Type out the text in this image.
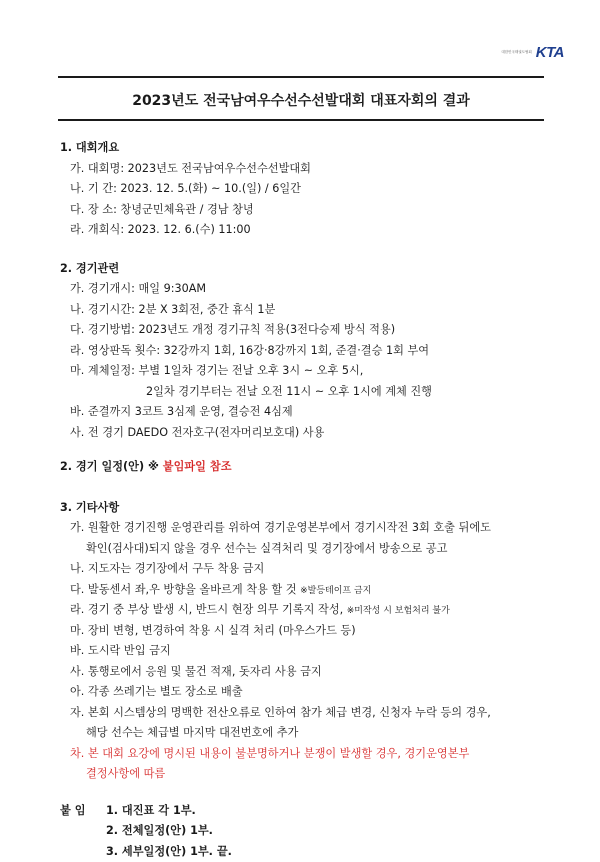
대한민국태권도협회 KTA
2023년도 전국남여우수선수선발대회 대표자회의 결과
1. 대회개요
가. 대회명: 2023년도 전국남여우수선수선발대회
나. 기 간: 2023. 12. 5.(화) ~ 10.(일) / 6일간
다. 장 소: 창녕군민체육관 / 경남 창녕
라. 개회식: 2023. 12. 6.(수) 11:00
2. 경기관련
가. 경기개시: 매일 9:30AM
나. 경기시간: 2분 X 3회전, 중간 휴식 1분
다. 경기방법: 2023년도 개정 경기규칙 적용(3전다승제 방식 적용)
라. 영상판독 횟수: 32강까지 1회, 16강·8강까지 1회, 준결·결승 1회 부여
마. 계체일정: 부별 1일차 경기는 전날 오후 3시 ~ 오후 5시,
2일차 경기부터는 전날 오전 11시 ~ 오후 1시에 계체 진행
바. 준결까지 3코트 3심제 운영, 결승전 4심제
사. 전 경기 DAEDO 전자호구(전자머리보호대) 사용
2. 경기 일정(안) ※ 붙임파일 참조
3. 기타사항
가. 원활한 경기진행 운영관리를 위하여 경기운영본부에서 경기시작전 3회 호출 뒤에도
확인(검사대)되지 않을 경우 선수는 실격처리 및 경기장에서 방송으로 공고
나. 지도자는 경기장에서 구두 착용 금지
다. 발동센서 좌,우 방향을 올바르게 착용 할 것 ※발등테이프 금지
라. 경기 중 부상 발생 시, 반드시 현장 의무 기록지 작성, ※미작성 시 보험처리 불가
마. 장비 변형, 변경하여 착용 시 실격 처리 (마우스가드 등)
바. 도시락 반입 금지
사. 통행로에서 응원 및 물건 적재, 돗자리 사용 금지
아. 각종 쓰레기는 별도 장소로 배출
자. 본회 시스템상의 명백한 전산오류로 인하여 참가 체급 변경, 신청자 누락 등의 경우,
해당 선수는 체급별 마지막 대전번호에 추가
차. 본 대회 요강에 명시된 내용이 불분명하거나 분쟁이 발생할 경우, 경기운영본부
결정사항에 따름
붙 임	1. 대진표 각 1부.
2. 전체일정(안) 1부.
3. 세부일정(안) 1부. 끝.
